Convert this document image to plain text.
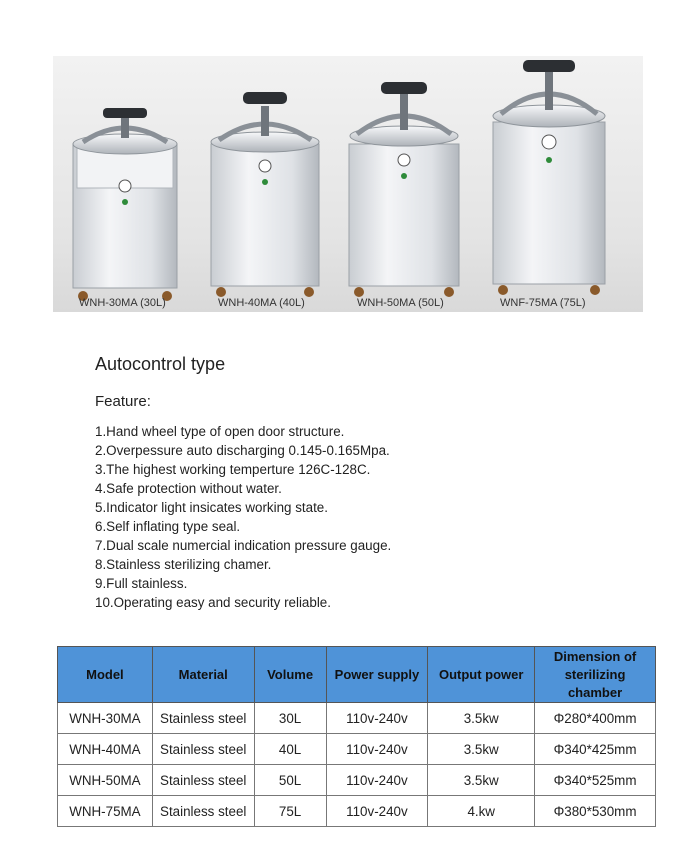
WNH-30MA (30L)	WNH-40MA (40L)	WNH-50MA (50L)	WNF-75MA (75L)
Autocontrol type
Feature:
1.Hand wheel type of open door structure.
2.Overpessure auto discharging 0.145-0.165Mpa.
3.The highest working temperture 126C-128C.
4.Safe protection without water.
5.Indicator light insicates working state.
6.Self inflating type seal.
7.Dual scale numercial indication pressure gauge.
8.Stainless sterilizing chamer.
9.Full stainless.
10.Operating easy and security reliable.
Model	Material	Volume	Power supply	Output power	Dimension of sterilizing chamber
WNH-30MA	Stainless steel	30L	110v-240v	3.5kw	Φ280*400mm
WNH-40MA	Stainless steel	40L	110v-240v	3.5kw	Φ340*425mm
WNH-50MA	Stainless steel	50L	110v-240v	3.5kw	Φ340*525mm
WNH-75MA	Stainless steel	75L	110v-240v	4.kw	Φ380*530mm
